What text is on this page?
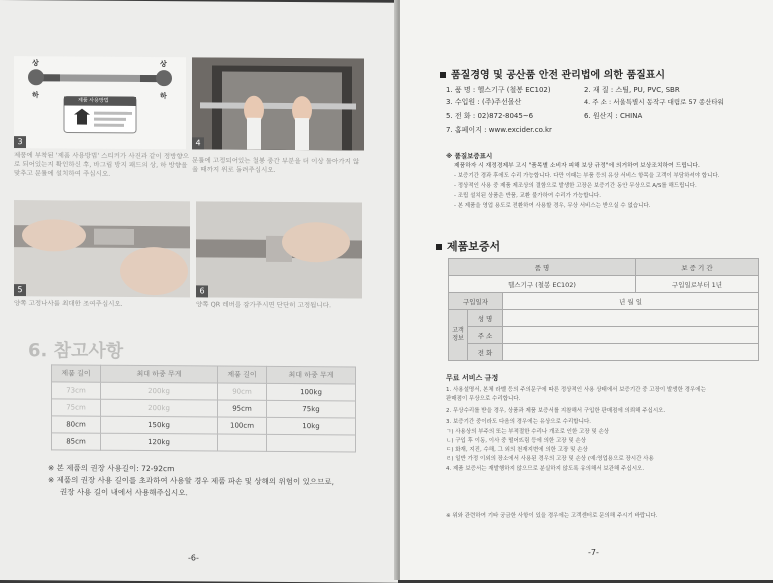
상	상
하	하
제품 사용방법
3
제품에 부착된 '제품 사용방법' 스티커가 사진과 같이 정방향으로 되어있는지 확인하신 후, 바그립 방지 패드의 상, 하 방향을 맞추고 문틀에 설치하여 주십시오.
4
문틀에 고정되어있는 철봉 중간 부분을 더 이상 돌아가지 않을 때까지 위로 돌려주십시오.
5
양쪽 고정나사를 최대한 조여주십시오.
6
양쪽 QR 레버를 잠가주시면 단단히 고정됩니다.
6. 참고사항
제품 길이	최대 하중 무게	제품 길이	최대 하중 무게
73cm	200kg	90cm	100kg
75cm	200kg	95cm	75kg
80cm	150kg	100cm	10kg
85cm	120kg		
※ 본 제품의 권장 사용길이: 72-92cm
※ 제품의 권장 사용 길이를 초과하여 사용할 경우 제품 파손 및 상해의 위험이 있으므로,
권장 사용 길이 내에서 사용해주십시오.
-6-
품질경영 및 공산품 안전 관리법에 의한 품질표시
1. 품 명 : 헬스기구 (철봉 EC102)	2. 재 질 : 스틸, PU, PVC, SBR
3. 수입원 : (주)주선몰산	4. 주 소 : 서울특별시 동작구 대림로 57 종산타워
5. 전 화 : 02)872-8045~6	6. 원산지 : CHINA
7. 홈페이지 : www.excider.co.kr
※ 품질보증표시
제품하자 시 재정경제부 고시 "품목별 소비자 피해 보상 규정"에 의거하여 보상조치하여 드립니다.
- 보증기간 경과 후에도 수리 가능합니다. 다만 이때는 부품 등의 유상 서비스 항목을 고객이 부담하셔야 합니다.
- 정상적인 사용 중 제품 제조상의 결함으로 발생한 고장은 보증기간 동안 무상으로 A/S를 해드립니다.
- 조립 설치된 상품은 반품, 교환 불가하여 수리가 가능합니다.
- 본 제품을 영업 용도로 전환하여 사용할 경우, 무상 서비스는 받으실 수 없습니다.
제품보증서
품 명			보 증 기 간
헬스기구 (철봉 EC102)			구입일로부터 1년
구입일자		년 월 일	
고객정보	성 명		
	주 소		
	전 화		
무료 서비스 규정
1. 사용설명서, 본체 라벨 등의 주의문구에 따른 정상적인 사용 상태에서 보증기간 중 고장이 발생한 경우에는
판매점이 무상으로 수리합니다.
2. 무상수리를 받을 경우, 상품과 제품 보증서를 지참해서 구입한 판매점에 의뢰해 주십시오.
3. 보증기간 중이라도 다음의 경우에는 유상으로 수리합니다.
ㄱ) 사용상의 부주의 또는 부적절한 수리나 개조로 인한 고장 및 손상
ㄴ) 구입 후 이동, 이사 중 떨어뜨림 등에 의한 고장 및 손상
ㄷ) 화재, 지진, 수해, 그 외의 천재지변에 의한 고장 및 손상
ㄹ) 일반 가정 이외의 장소에서 사용된 경우의 고장 및 손상 (예:영업용으로 장시간 사용
4. 제품 보증서는 재발행하지 않으므로 분실하지 않도록 유의해서 보관해 주십시오.
※ 위와 관련하여 기타 궁금한 사항이 있을 경우에는 고객센터로 문의해 주시기 바랍니다.
-7-
